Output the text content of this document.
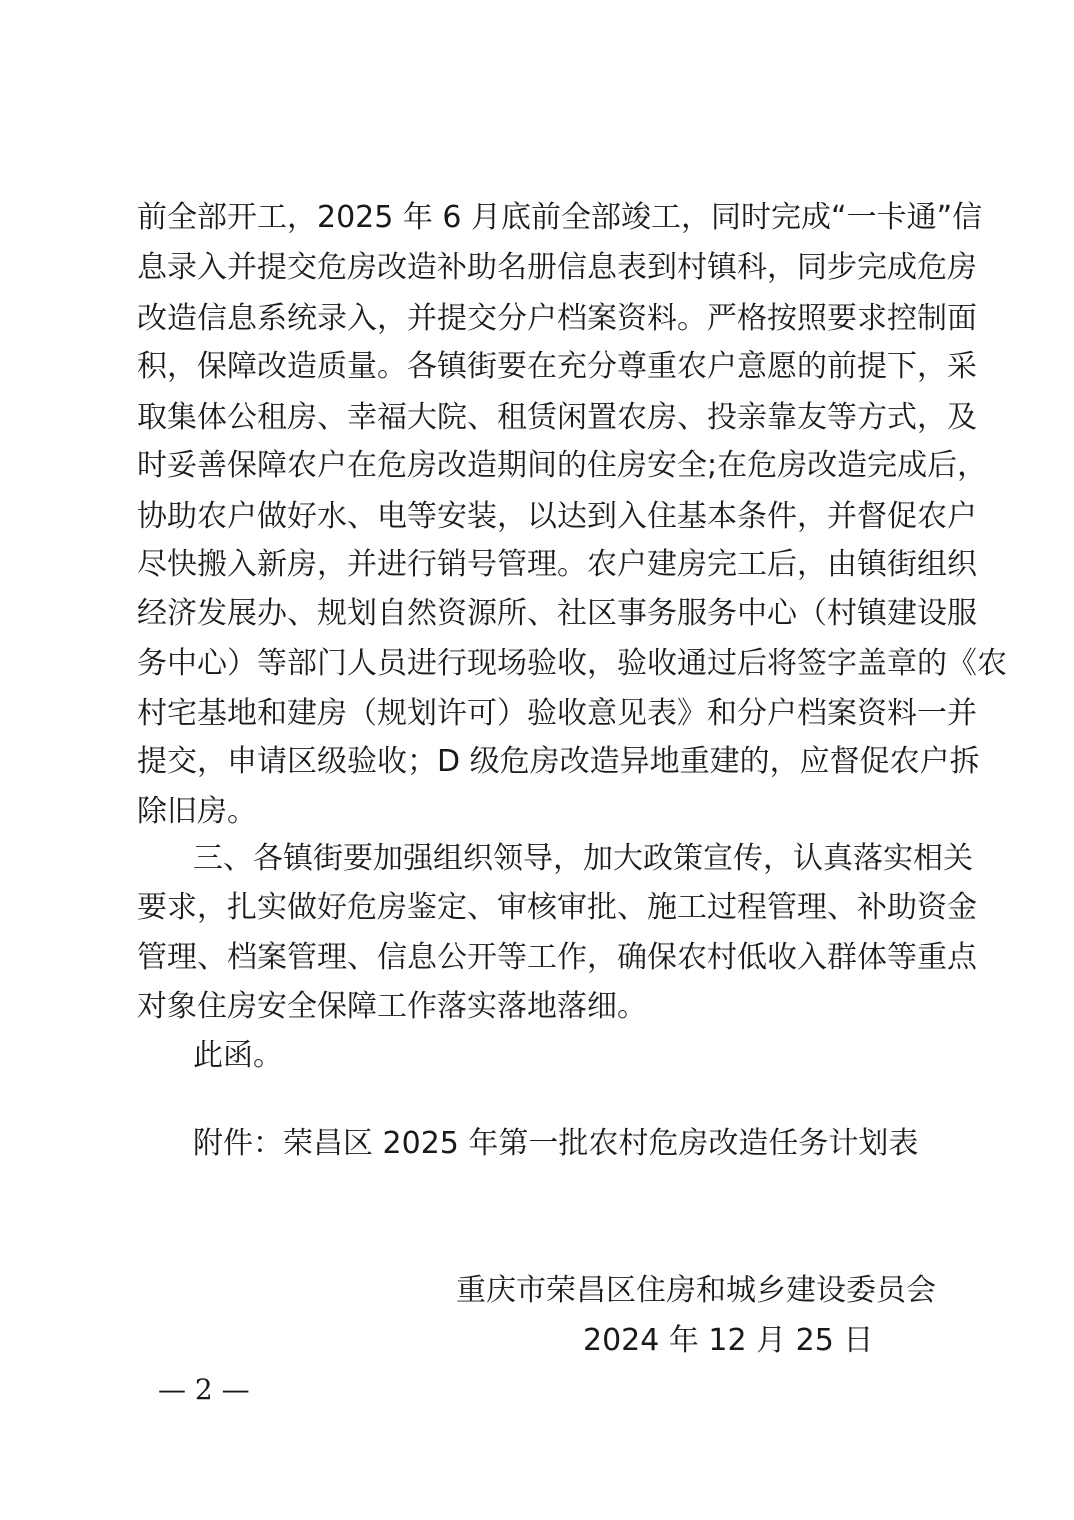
前全部开工，2025 年 6 月底前全部竣工，同时完成“一卡通”信
息录入并提交危房改造补助名册信息表到村镇科，同步完成危房
改造信息系统录入，并提交分户档案资料。严格按照要求控制面
积，保障改造质量。各镇街要在充分尊重农户意愿的前提下，采
取集体公租房、幸福大院、租赁闲置农房、投亲靠友等方式，及
时妥善保障农户在危房改造期间的住房安全;在危房改造完成后，
协助农户做好水、电等安装，以达到入住基本条件，并督促农户
尽快搬入新房，并进行销号管理。农户建房完工后，由镇街组织
经济发展办、规划自然资源所、社区事务服务中心（村镇建设服
务中心）等部门人员进行现场验收，验收通过后将签字盖章的《农
村宅基地和建房（规划许可）验收意见表》和分户档案资料一并
提交，申请区级验收；D 级危房改造异地重建的，应督促农户拆
除旧房。
三、各镇街要加强组织领导，加大政策宣传，认真落实相关
要求，扎实做好危房鉴定、审核审批、施工过程管理、补助资金
管理、档案管理、信息公开等工作，确保农村低收入群体等重点
对象住房安全保障工作落实落地落细。
此函。
附件：荣昌区 2025 年第一批农村危房改造任务计划表
重庆市荣昌区住房和城乡建设委员会
2024 年 12 月 25 日
— 2 —
